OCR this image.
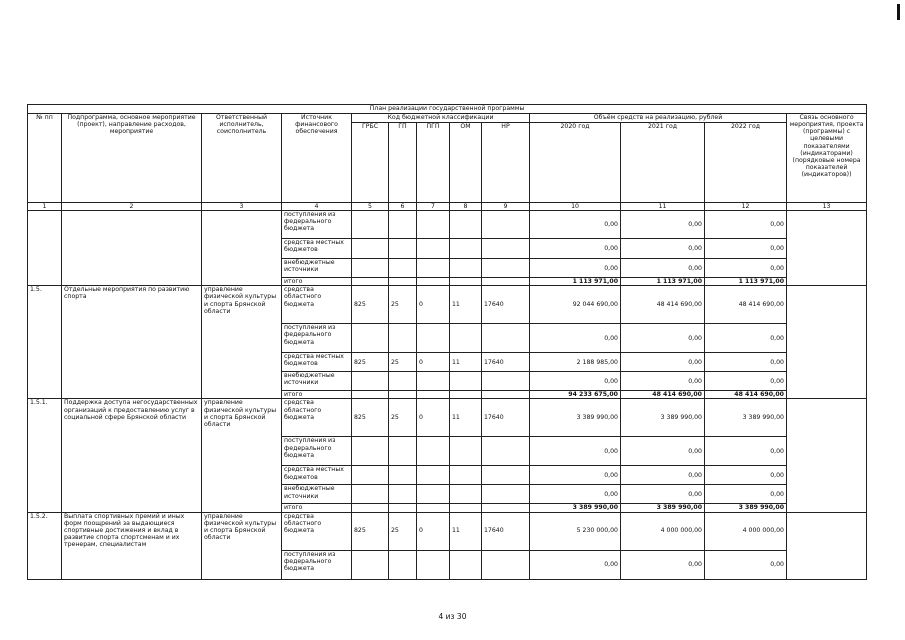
План реализации государственной программы												
№ пп	Подпрограмма, основное мероприятие (проект), направление расходов, мероприятие	Ответственный исполнитель, соисполнитель	Источник финансового обеспечения	Код бюджетной классификации					Объём средств на реализацию, рублей			Связь основного мероприятия, проекта (программы) с целевыми показателями (индикаторами) (порядковые номера показателей (индикаторов))
				ГРБС	ГП	ПГП	ОМ	НР	2020 год	2021 год	2022 год	
1	2	3	4	5	6	7	8	9	10	11	12	13
			поступления из федерального бюджета						0,00	0,00	0,00	
			средства местных бюджетов						0,00	0,00	0,00	
			внебюджетные источники						0,00	0,00	0,00	
			итого						1 113 971,00	1 113 971,00	1 113 971,00	
1.5.	Отдельные мероприятия по развитию спорта	управление физической культуры и спорта Брянской области	средства областного бюджета	825	25	0	11	17640	92 044 690,00	48 414 690,00	48 414 690,00	
			поступления из федерального бюджета						0,00	0,00	0,00	
			средства местных бюджетов	825	25	0	11	17640	2 188 985,00	0,00	0,00	
			внебюджетные источники						0,00	0,00	0,00	
			итого						94 233 675,00	48 414 690,00	48 414 690,00	
1.5.1.	Поддержка доступа негосударственных организаций к предоставлению услуг в социальной сфере Брянской области	управление физической культуры и спорта Брянской области	средства областного бюджета	825	25	0	11	17640	3 389 990,00	3 389 990,00	3 389 990,00	
			поступления из федерального бюджета						0,00	0,00	0,00	
			средства местных бюджетов						0,00	0,00	0,00	
			внебюджетные источники						0,00	0,00	0,00	
			итого						3 389 990,00	3 389 990,00	3 389 990,00	
1.5.2.	Выплата спортивных премий и иных форм поощрений за выдающиеся спортивные достижения и вклад в развитие спорта спортсменам и их тренерам, специалистам	управление физической культуры и спорта Брянской области	средства областного бюджета	825	25	0	11	17640	5 230 000,00	4 000 000,00	4 000 000,00	
			поступления из федерального бюджета						0,00	0,00	0,00	
4 из 30
